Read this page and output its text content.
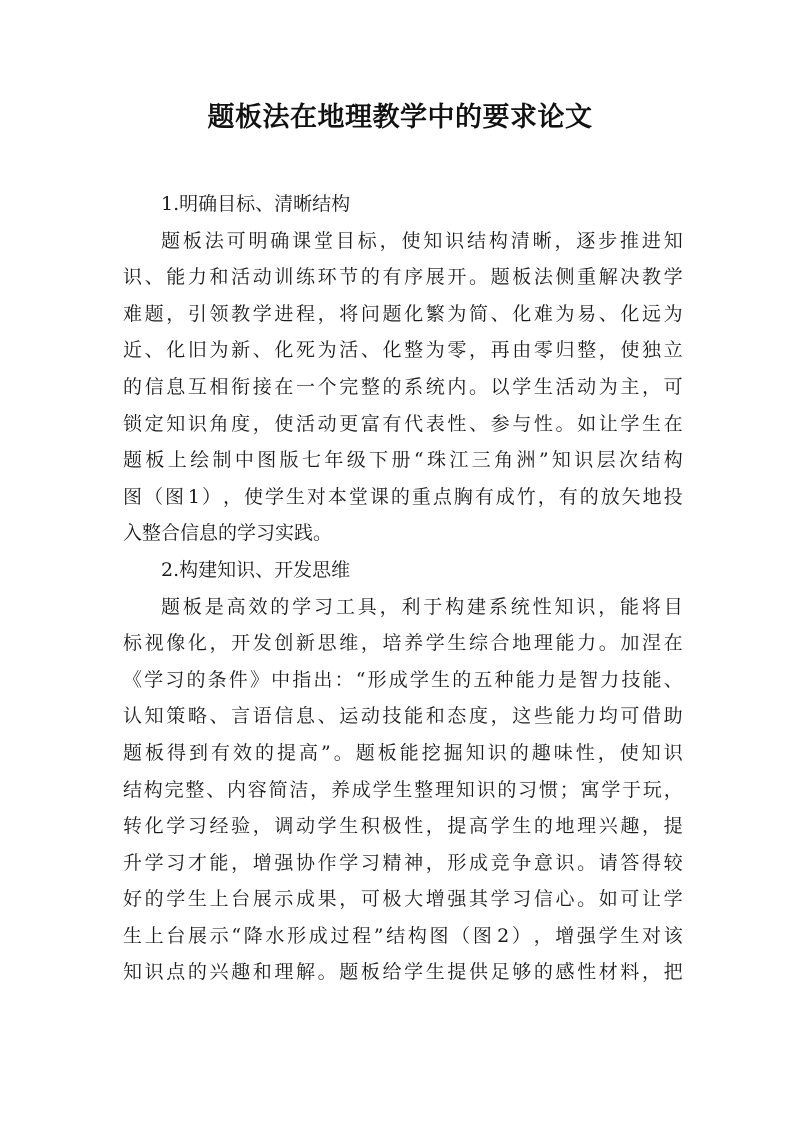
题板法在地理教学中的要求论文
1.明确目标、清晰结构
题 板 法 可 明 确 课 堂 目 标 ， 使 知 识 结 构 清 晰 ， 逐 步 推 进 知
识 、 能 力 和 活 动 训 练 环 节 的 有 序 展 开 。 题 板 法 侧 重 解 决 教 学
难 题 ， 引 领 教 学 进 程 ， 将 问 题 化 繁 为 简 、 化 难 为 易 、 化 远 为
近 、 化 旧 为 新 、 化 死 为 活 、 化 整 为 零 ， 再 由 零 归 整 ， 使 独 立
的 信 息 互 相 衔 接 在 一 个 完 整 的 系 统 内 。 以 学 生 活 动 为 主 ， 可
锁 定 知 识 角 度 ， 使 活 动 更 富 有 代 表 性 、 参 与 性 。 如 让 学 生 在
题 板 上 绘 制 中 图 版 七 年 级 下 册 “ 珠 江 三 角 洲 ” 知 识 层 次 结 构
图 （ 图 1 ） ， 使 学 生 对 本 堂 课 的 重 点 胸 有 成 竹 ， 有 的 放 矢 地 投
入整合信息的学习实践。
2.构建知识、开发思维
题 板 是 高 效 的 学 习 工 具 ， 利 于 构 建 系 统 性 知 识 ， 能 将 目
标 视 像 化 ， 开 发 创 新 思 维 ， 培 养 学 生 综 合 地 理 能 力 。 加 涅 在
《 学 习 的 条 件 》 中 指 出 ： “ 形 成 学 生 的 五 种 能 力 是 智 力 技 能 、
认 知 策 略 、 言 语 信 息 、 运 动 技 能 和 态 度 ， 这 些 能 力 均 可 借 助
题 板 得 到 有 效 的 提 高 ” 。 题 板 能 挖 掘 知 识 的 趣 味 性 ， 使 知 识
结 构 完 整 、 内 容 简 洁 ， 养 成 学 生 整 理 知 识 的 习 惯 ； 寓 学 于 玩 ，
转 化 学 习 经 验 ， 调 动 学 生 积 极 性 ， 提 高 学 生 的 地 理 兴 趣 ， 提
升 学 习 才 能 ， 增 强 协 作 学 习 精 神 ， 形 成 竞 争 意 识 。 请 答 得 较
好 的 学 生 上 台 展 示 成 果 ， 可 极 大 增 强 其 学 习 信 心 。 如 可 让 学
生 上 台 展 示 “ 降 水 形 成 过 程 ” 结 构 图 （ 图 2 ） ， 增 强 学 生 对 该
知 识 点 的 兴 趣 和 理 解 。 题 板 给 学 生 提 供 足 够 的 感 性 材 料 ， 把
